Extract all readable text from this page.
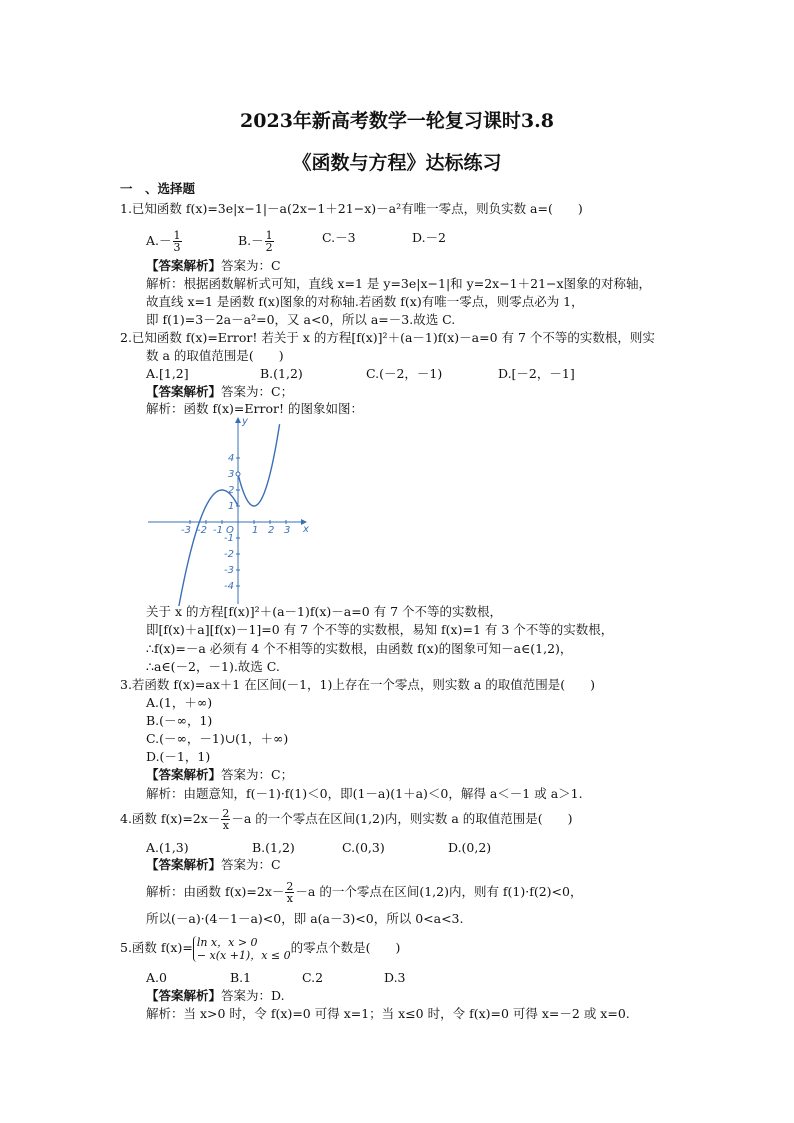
2023年新高考数学一轮复习课时3.8
《函数与方程》达标练习
一　、选择题
1.已知函数 f(x)=3e|x−1|－a(2x−1＋21−x)－a²有唯一零点，则负实数 a=(　　)
$A.- \frac{1}{3}$	$B.- \frac{1}{2}$	C.－3	D.－2
【答案解析】答案为：C
解析：根据函数解析式可知，直线 x=1 是 y=3e|x−1|和 y=2x−1＋21−x图象的对称轴，
故直线 x=1 是函数 f(x)图象的对称轴.若函数 f(x)有唯一零点，则零点必为 1，
即 f(1)=3－2a－a²=0，又 a<0，所以 a=－3.故选 C.
2.已知函数 f(x)=Error! 若关于 x 的方程[f(x)]²＋(a－1)f(x)－a=0 有 7 个不等的实数根，则实
数 a 的取值范围是(　　)
A.[1,2]	B.(1,2)	C.(－2，－1)	D.[－2，－1]
【答案解析】答案为：C；
解析：函数 f(x)=Error! 的图象如图：
-3 -2 -1 O 1 2 3 x
y
4
3
2
1
-1
-2
-3
-4
关于 x 的方程[f(x)]²＋(a－1)f(x)－a=0 有 7 个不等的实数根，
即[f(x)＋a][f(x)－1]=0 有 7 个不等的实数根，易知 f(x)=1 有 3 个不等的实数根，
∴f(x)=－a 必须有 4 个不相等的实数根，由函数 f(x)的图象可知－a∈(1,2)，
∴a∈(－2，－1).故选 C.
3.若函数 f(x)=ax＋1 在区间(－1，1)上存在一个零点，则实数 a 的取值范围是(　　)
A.(1，＋∞)
B.(－∞，1)
C.(－∞，－1)∪(1，＋∞)
D.(－1，1)
【答案解析】答案为：C；
解析：由题意知，f(－1)·f(1)＜0，即(1－a)(1＋a)＜0，解得 a＜－1 或 a＞1.
4.函数 $f(x)=2x- \frac{2}{x} -a$ 的一个零点在区间(1,2)内，则实数 a 的取值范围是(　　)
A.(1,3)	B.(1,2)	C.(0,3)	D.(0,2)
【答案解析】答案为：C
解析：由函数 $f(x)=2x- \frac{2}{x} -a$ 的一个零点在区间(1,2)内，则有 f(1)·f(2)<0，
所以(－a)·(4－1－a)<0，即 a(a－3)<0，所以 0<a<3.
5.函数 f(x)= ln x，x > 0
− x(x +1)，x ≤ 0 的零点个数是(　　)
A.0	B.1	C.2	D.3
【答案解析】答案为：D.
解析：当 x>0 时，令 f(x)=0 可得 x=1；当 x≤0 时，令 f(x)=0 可得 x=－2 或 x=0.
